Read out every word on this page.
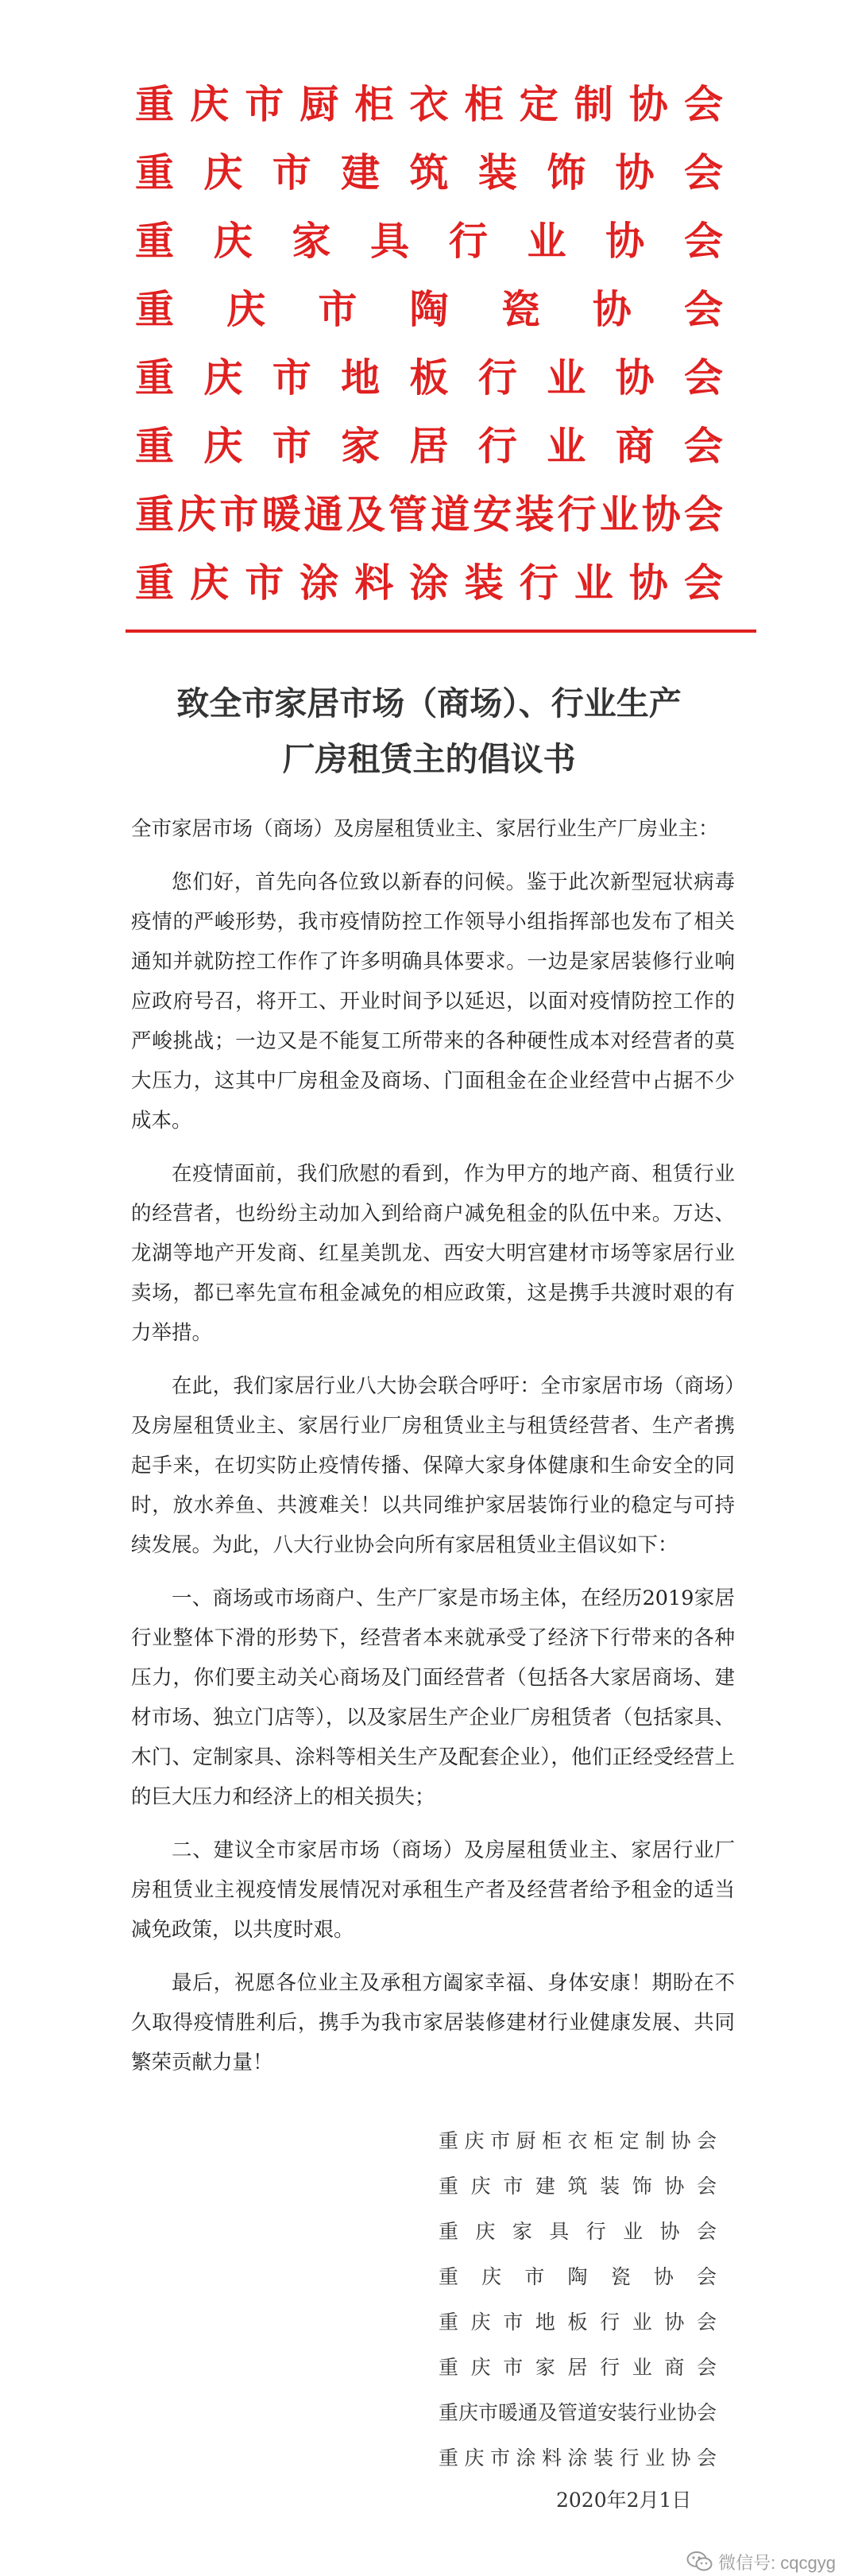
重庆市厨柜衣柜定制协会
重庆市建筑装饰协会
重庆家具行业协会
重庆市陶瓷协会
重庆市地板行业协会
重庆市家居行业商会
重庆市暖通及管道安装行业协会
重庆市涂料涂装行业协会
致全市家居市场（商场）、行业生产
厂房租赁主的倡议书

全市家居市场（商场）及房屋租赁业主、家居行业生产厂房业主：

您们好，首先向各位致以新春的问候。鉴于此次新型冠状病毒疫情的严峻形势，我市疫情防控工作领导小组指挥部也发布了相关通知并就防控工作作了许多明确具体要求。一边是家居装修行业响应政府号召，将开工、开业时间予以延迟，以面对疫情防控工作的严峻挑战；一边又是不能复工所带来的各种硬性成本对经营者的莫大压力，这其中厂房租金及商场、门面租金在企业经营中占据不少成本。

在疫情面前，我们欣慰的看到，作为甲方的地产商、租赁行业的经营者，也纷纷主动加入到给商户减免租金的队伍中来。万达、龙湖等地产开发商、红星美凯龙、西安大明宫建材市场等家居行业卖场，都已率先宣布租金减免的相应政策，这是携手共渡时艰的有力举措。

在此，我们家居行业八大协会联合呼吁：全市家居市场（商场）及房屋租赁业主、家居行业厂房租赁业主与租赁经营者、生产者携起手来，在切实防止疫情传播、保障大家身体健康和生命安全的同时，放水养鱼、共渡难关！以共同维护家居装饰行业的稳定与可持续发展。为此，八大行业协会向所有家居租赁业主倡议如下：

一、商场或市场商户、生产厂家是市场主体，在经历2019家居行业整体下滑的形势下，经营者本来就承受了经济下行带来的各种压力，你们要主动关心商场及门面经营者（包括各大家居商场、建材市场、独立门店等），以及家居生产企业厂房租赁者（包括家具、木门、定制家具、涂料等相关生产及配套企业），他们正经受经营上的巨大压力和经济上的相关损失；

二、建议全市家居市场（商场）及房屋租赁业主、家居行业厂房租赁业主视疫情发展情况对承租生产者及经营者给予租金的适当减免政策，以共度时艰。

最后，祝愿各位业主及承租方阖家幸福、身体安康！期盼在不久取得疫情胜利后，携手为我市家居装修建材行业健康发展、共同繁荣贡献力量！

重庆市厨柜衣柜定制协会
重庆市建筑装饰协会
重庆家具行业协会
重庆市陶瓷协会
重庆市地板行业协会
重庆市家居行业商会
重庆市暖通及管道安装行业协会
重庆市涂料涂装行业协会
2020年2月1日
微信号: cqcgyg
